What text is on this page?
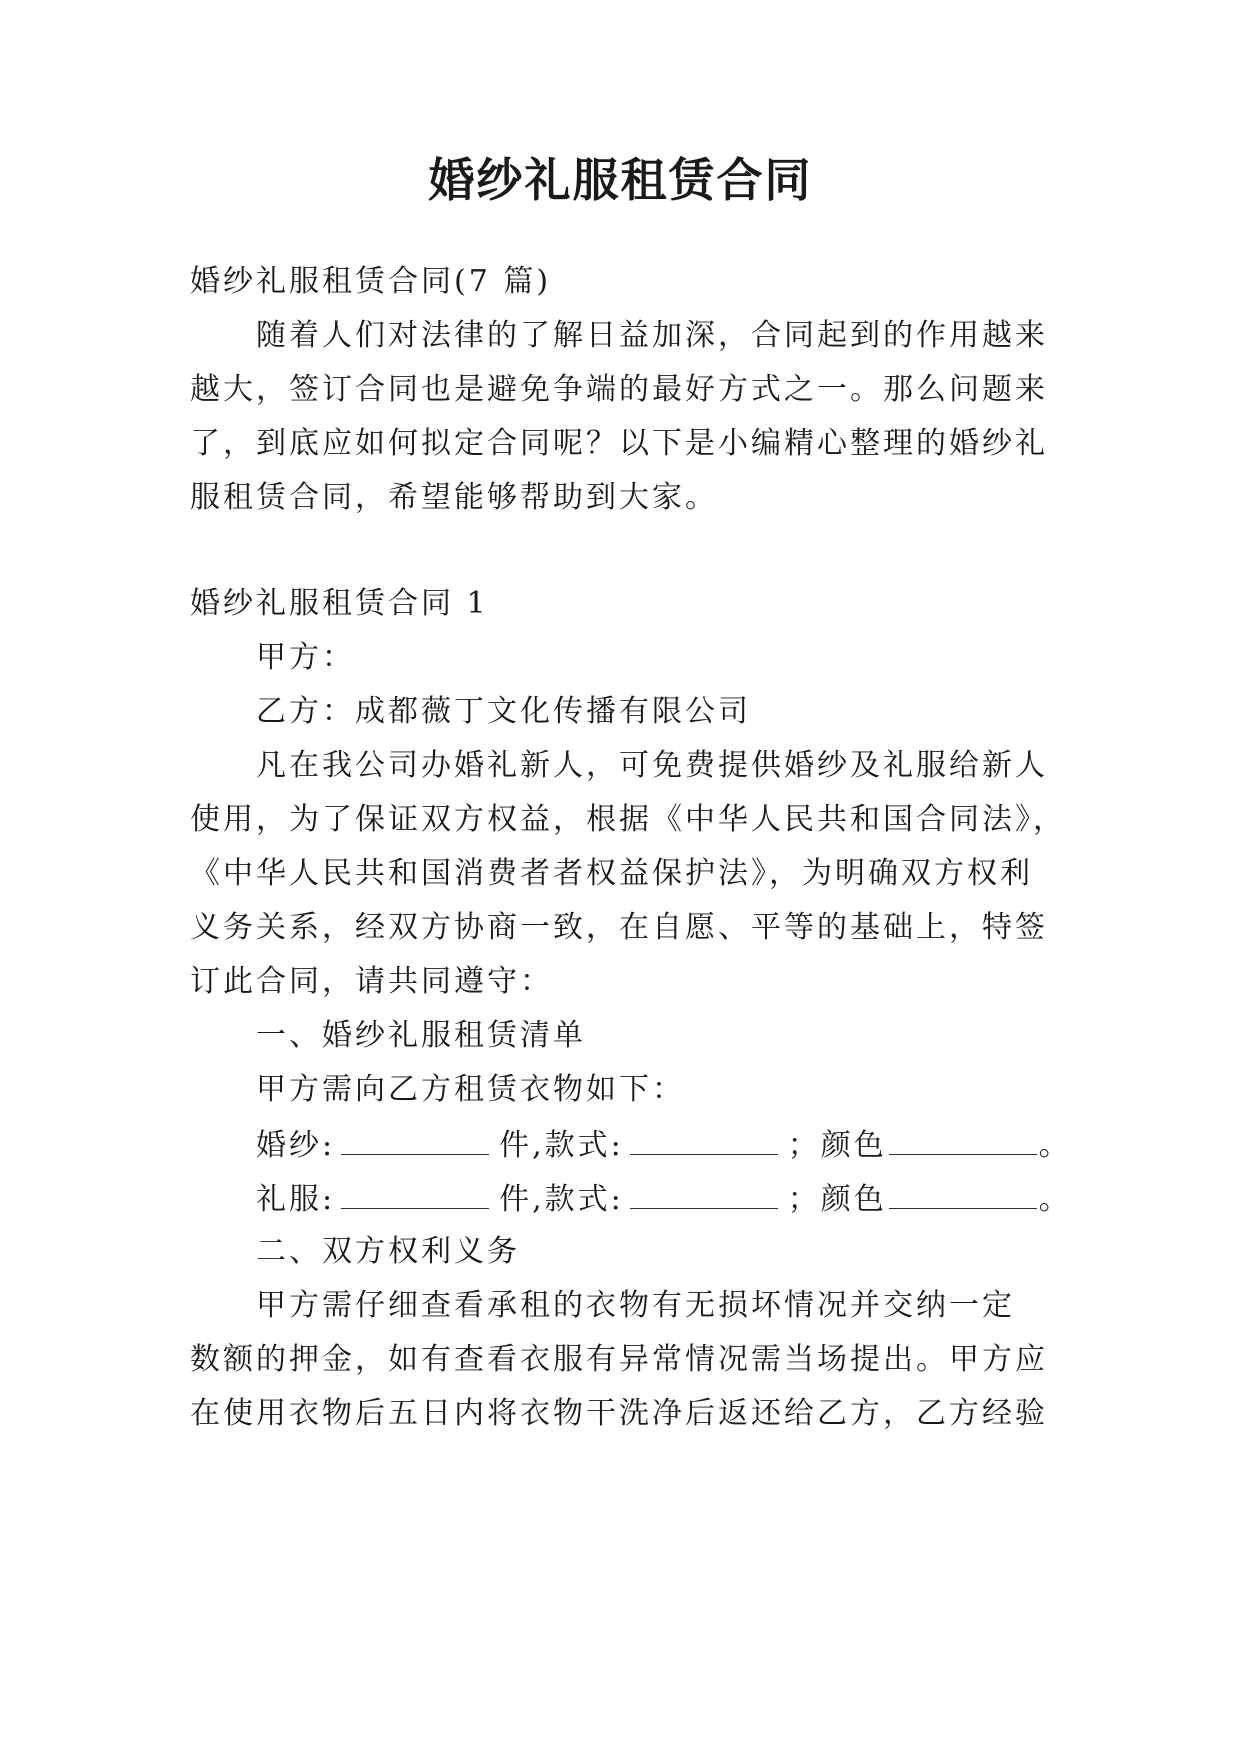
婚纱礼服租赁合同

婚纱礼服租赁合同(7 篇)

随着人们对法律的了解日益加深，合同起到的作用越来

越大，签订合同也是避免争端的最好方式之一。那么问题来

了，到底应如何拟定合同呢？以下是小编精心整理的婚纱礼

服租赁合同，希望能够帮助到大家。

婚纱礼服租赁合同 1

甲方：

乙方：成都薇丁文化传播有限公司

凡在我公司办婚礼新人，可免费提供婚纱及礼服给新人

使用，为了保证双方权益，根据《中华人民共和国合同法》，

《中华人民共和国消费者者权益保护法》，为明确双方权利

义务关系，经双方协商一致，在自愿、平等的基础上，特签

订此合同，请共同遵守：

一、婚纱礼服租赁清单

甲方需向乙方租赁衣物如下：

婚纱:	件,款式:	；颜色	。

礼服:	件,款式:	；颜色	。

二、双方权利义务

甲方需仔细查看承租的衣物有无损坏情况并交纳一定

数额的押金，如有查看衣服有异常情况需当场提出。甲方应

在使用衣物后五日内将衣物干洗净后返还给乙方，乙方经验
